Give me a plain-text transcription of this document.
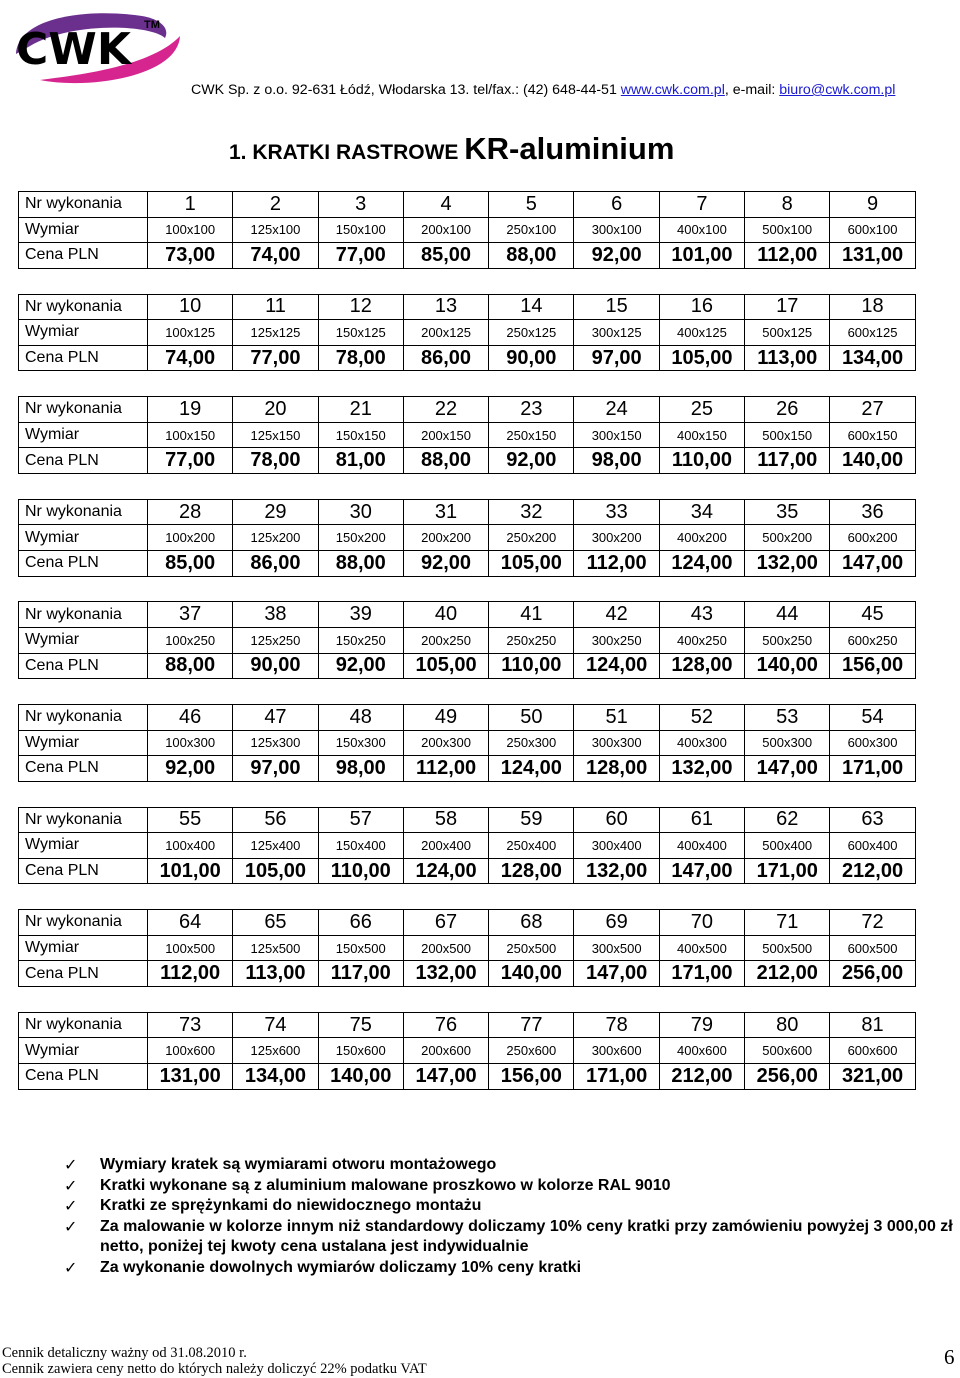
CWK TM
CWK Sp. z o.o. 92-631 Łódź, Włodarska 13. tel/fax.: (42) 648-44-51 www.cwk.com.pl, e-mail: biuro@cwk.com.pl
1. KRATKI RASTROWE KR-aluminium
Nr wykonania	1	2	3	4	5	6	7	8	9
Wymiar	100x100	125x100	150x100	200x100	250x100	300x100	400x100	500x100	600x100
Cena PLN	73,00	74,00	77,00	85,00	88,00	92,00	101,00	112,00	131,00
Nr wykonania	10	11	12	13	14	15	16	17	18
Wymiar	100x125	125x125	150x125	200x125	250x125	300x125	400x125	500x125	600x125
Cena PLN	74,00	77,00	78,00	86,00	90,00	97,00	105,00	113,00	134,00
Nr wykonania	19	20	21	22	23	24	25	26	27
Wymiar	100x150	125x150	150x150	200x150	250x150	300x150	400x150	500x150	600x150
Cena PLN	77,00	78,00	81,00	88,00	92,00	98,00	110,00	117,00	140,00
Nr wykonania	28	29	30	31	32	33	34	35	36
Wymiar	100x200	125x200	150x200	200x200	250x200	300x200	400x200	500x200	600x200
Cena PLN	85,00	86,00	88,00	92,00	105,00	112,00	124,00	132,00	147,00
Nr wykonania	37	38	39	40	41	42	43	44	45
Wymiar	100x250	125x250	150x250	200x250	250x250	300x250	400x250	500x250	600x250
Cena PLN	88,00	90,00	92,00	105,00	110,00	124,00	128,00	140,00	156,00
Nr wykonania	46	47	48	49	50	51	52	53	54
Wymiar	100x300	125x300	150x300	200x300	250x300	300x300	400x300	500x300	600x300
Cena PLN	92,00	97,00	98,00	112,00	124,00	128,00	132,00	147,00	171,00
Nr wykonania	55	56	57	58	59	60	61	62	63
Wymiar	100x400	125x400	150x400	200x400	250x400	300x400	400x400	500x400	600x400
Cena PLN	101,00	105,00	110,00	124,00	128,00	132,00	147,00	171,00	212,00
Nr wykonania	64	65	66	67	68	69	70	71	72
Wymiar	100x500	125x500	150x500	200x500	250x500	300x500	400x500	500x500	600x500
Cena PLN	112,00	113,00	117,00	132,00	140,00	147,00	171,00	212,00	256,00
Nr wykonania	73	74	75	76	77	78	79	80	81
Wymiar	100x600	125x600	150x600	200x600	250x600	300x600	400x600	500x600	600x600
Cena PLN	131,00	134,00	140,00	147,00	156,00	171,00	212,00	256,00	321,00
✓ Wymiary kratek są wymiarami otworu montażowego
✓ Kratki wykonane są z aluminium malowane proszkowo w kolorze RAL 9010
✓ Kratki ze sprężynkami do niewidocznego montażu
✓ Za malowanie w kolorze innym niż standardowy doliczamy 10% ceny kratki przy zamówieniu powyżej 3 000,00 zł netto, poniżej tej kwoty cena ustalana jest indywidualnie
✓ Za wykonanie dowolnych wymiarów doliczamy 10% ceny kratki
Cennik detaliczny ważny od 31.08.2010 r.
Cennik zawiera ceny netto do których należy doliczyć 22% podatku VAT	6
